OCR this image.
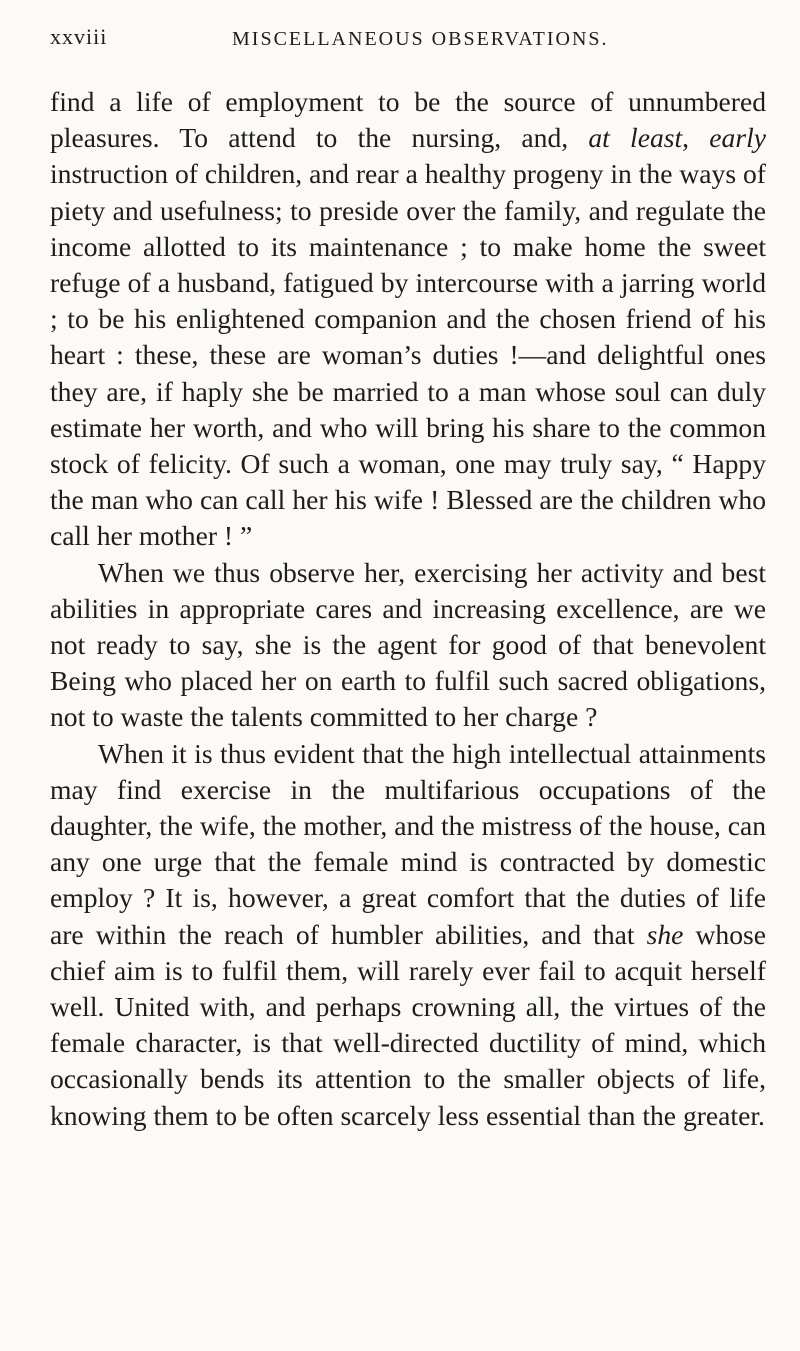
xxviii	MISCELLANEOUS OBSERVATIONS.

find a life of employment to be the source of unnumbered pleasures. To attend to the nursing, and, at least, early instruction of children, and rear a healthy progeny in the ways of piety and usefulness; to preside over the family, and regulate the income allotted to its maintenance ; to make home the sweet refuge of a husband, fatigued by intercourse with a jarring world ; to be his enlightened companion and the chosen friend of his heart : these, these are woman’s duties !—and delightful ones they are, if haply she be married to a man whose soul can duly estimate her worth, and who will bring his share to the common stock of felicity. Of such a woman, one may truly say, “ Happy the man who can call her his wife ! Blessed are the children who call her mother ! ”

When we thus observe her, exercising her activity and best abilities in appropriate cares and increasing excellence, are we not ready to say, she is the agent for good of that benevolent Being who placed her on earth to fulfil such sacred obligations, not to waste the talents committed to her charge ?

When it is thus evident that the high intellectual attainments may find exercise in the multifarious occupations of the daughter, the wife, the mother, and the mistress of the house, can any one urge that the female mind is contracted by domestic employ ? It is, however, a great comfort that the duties of life are within the reach of humbler abilities, and that she whose chief aim is to fulfil them, will rarely ever fail to acquit herself well. United with, and perhaps crowning all, the virtues of the female character, is that well-directed ductility of mind, which occasionally bends its attention to the smaller objects of life, knowing them to be often scarcely less essential than the greater.
